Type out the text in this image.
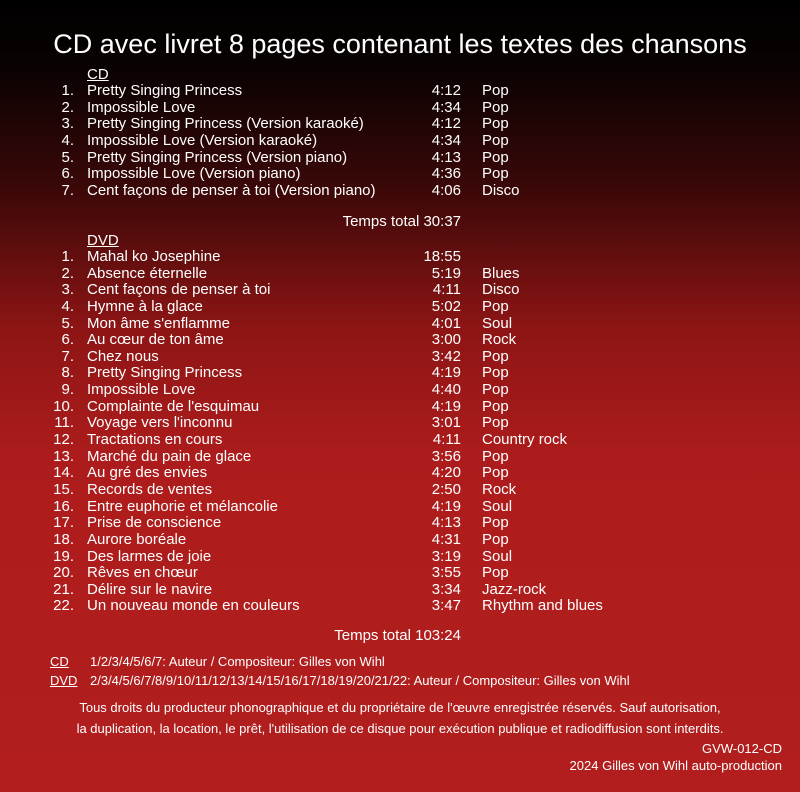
CD avec livret 8 pages contenant les textes des chansons
CD
1. Pretty Singing Princess	4:12 Pop
2. Impossible Love	4:34 Pop
3. Pretty Singing Princess (Version karaoké)	4:12 Pop
4. Impossible Love (Version karaoké)	4:34 Pop
5. Pretty Singing Princess (Version piano)	4:13 Pop
6. Impossible Love (Version piano)	4:36 Pop
7. Cent façons de penser à toi (Version piano)	4:06 Disco
Temps total 30:37
DVD
1. Mahal ko Josephine	18:55
2. Absence éternelle	5:19 Blues
3. Cent façons de penser à toi	4:11 Disco
4. Hymne à la glace	5:02 Pop
5. Mon âme s'enflamme	4:01 Soul
6. Au cœur de ton âme	3:00 Rock
7. Chez nous	3:42 Pop
8. Pretty Singing Princess	4:19 Pop
9. Impossible Love	4:40 Pop
10. Complainte de l'esquimau	4:19 Pop
11. Voyage vers l'inconnu	3:01 Pop
12. Tractations en cours	4:11 Country rock
13. Marché du pain de glace	3:56 Pop
14. Au gré des envies	4:20 Pop
15. Records de ventes	2:50 Rock
16. Entre euphorie et mélancolie	4:19 Soul
17. Prise de conscience	4:13 Pop
18. Aurore boréale	4:31 Pop
19. Des larmes de joie	3:19 Soul
20. Rêves en chœur	3:55 Pop
21. Délire sur le navire	3:34 Jazz-rock
22. Un nouveau monde en couleurs	3:47 Rhythm and blues
Temps total 103:24
CD 1/2/3/4/5/6/7: Auteur / Compositeur: Gilles von Wihl
DVD 2/3/4/5/6/7/8/9/10/11/12/13/14/15/16/17/18/19/20/21/22: Auteur / Compositeur: Gilles von Wihl
Tous droits du producteur phonographique et du propriétaire de l'œuvre enregistrée réservés. Sauf autorisation,
la duplication, la location, le prêt, l'utilisation de ce disque pour exécution publique et radiodiffusion sont interdits.
GVW-012-CD
2024 Gilles von Wihl auto-production
